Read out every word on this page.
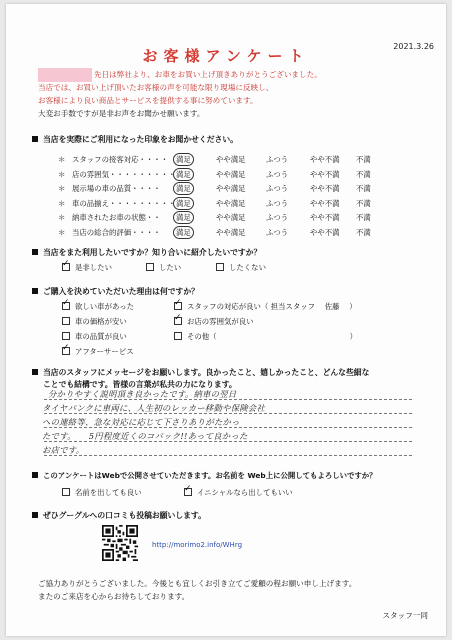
2021.3.26
お客様アンケート
先日は弊社より、お車をお買い上げ頂きありがとうございました。
当店では、お買い上げ頂いたお客様の声を可能な限り現場に反映し、
お客様により良い商品とサービスを提供する事に努めています。
大変お手数ですが是非お声をお聞かせ願います。
当店を実際にご利用になった印象をお聞かせください。
＊ スタッフの接客対応・・・・	満足	やや満足	ふつう	やや不満 不満
＊ 店の雰囲気・・・・・・・・・ 満足	やや満足	ふつう	やや不満 不満
＊ 展示場の車の品質・・・・	満足	やや満足	ふつう	やや不満 不満
＊ 車の品揃え・・・・・・・・・ 満足	やや満足	ふつう	やや不満 不満
＊ 納車されたお車の状態・・	満足	やや満足	ふつう	やや不満 不満
＊ 当店の総合的評価・・・・	満足	やや満足	ふつう	やや不満 不満
当店をまた利用したいですか？知り合いに紹介したいですか？
✓是非したい	したい	したくない
ご購入を決めていただいた理由は何ですか？
✓欲しい車があった
車の価格が安い
車の品質が良い
✓アフターサービス
✓スタッフの対応が良い（ 担当スタッフ　 佐藤　 ）
✓お店の雰囲気が良い
その他（　　　　　　　　　　　　　　　　　　）
当店のスタッフにメッセージをお願いします。良かったこと、嬉しかったこと、どんな些細な
ことでも結構です。皆様の言葉が私共の力になります。
分かりやすく説明頂き良かったです。納車の翌日
タイヤパンクに車両に、人生初のレッカー移動や保険会社
への連絡等、急な対応に応じて下さりありがたかっ
たです。　　5円程度近くのコバック!!あって良かった
お店です。
このアンケートはWebで公開させていただきます。お名前を Web上に公開してもよろしいですか？
名前を出しても良い
✓	イニシャルなら出してもいい
ぜひグーグルへの口コミも投稿お願いします。
http://morimo2.info/WHrg
ご協力ありがとうございました。今後とも宜しくお引き立てご愛顧の程お願い申し上げます。
またのご来店を心からお待ちしております。
スタッフ一同
